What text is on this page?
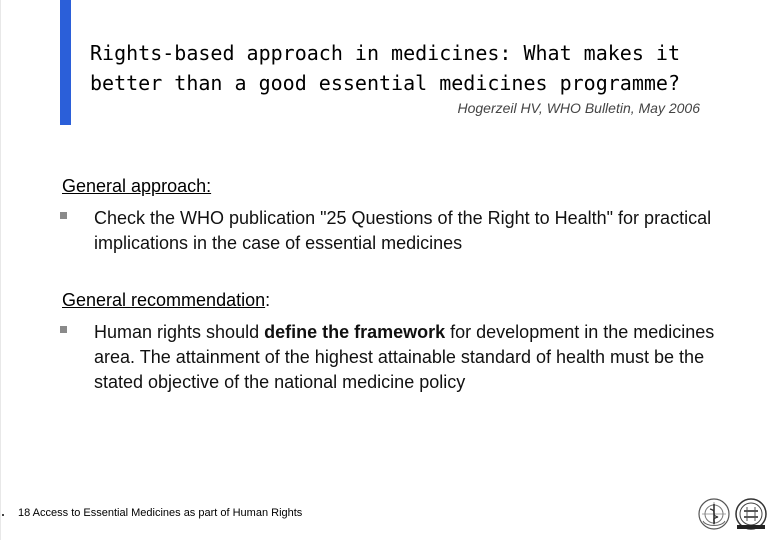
Rights-based approach in medicines: What makes it
better than a good essential medicines programme?
Hogerzeil HV, WHO Bulletin, May 2006
General approach:
Check the WHO publication "25 Questions of the Right to Health" for practical implications in the case of essential medicines
General recommendation:
Human rights should define the framework for development in the medicines area. The attainment of the highest attainable standard of health must be the stated objective of the national medicine policy
18 Access to Essential Medicines as part of Human Rights
